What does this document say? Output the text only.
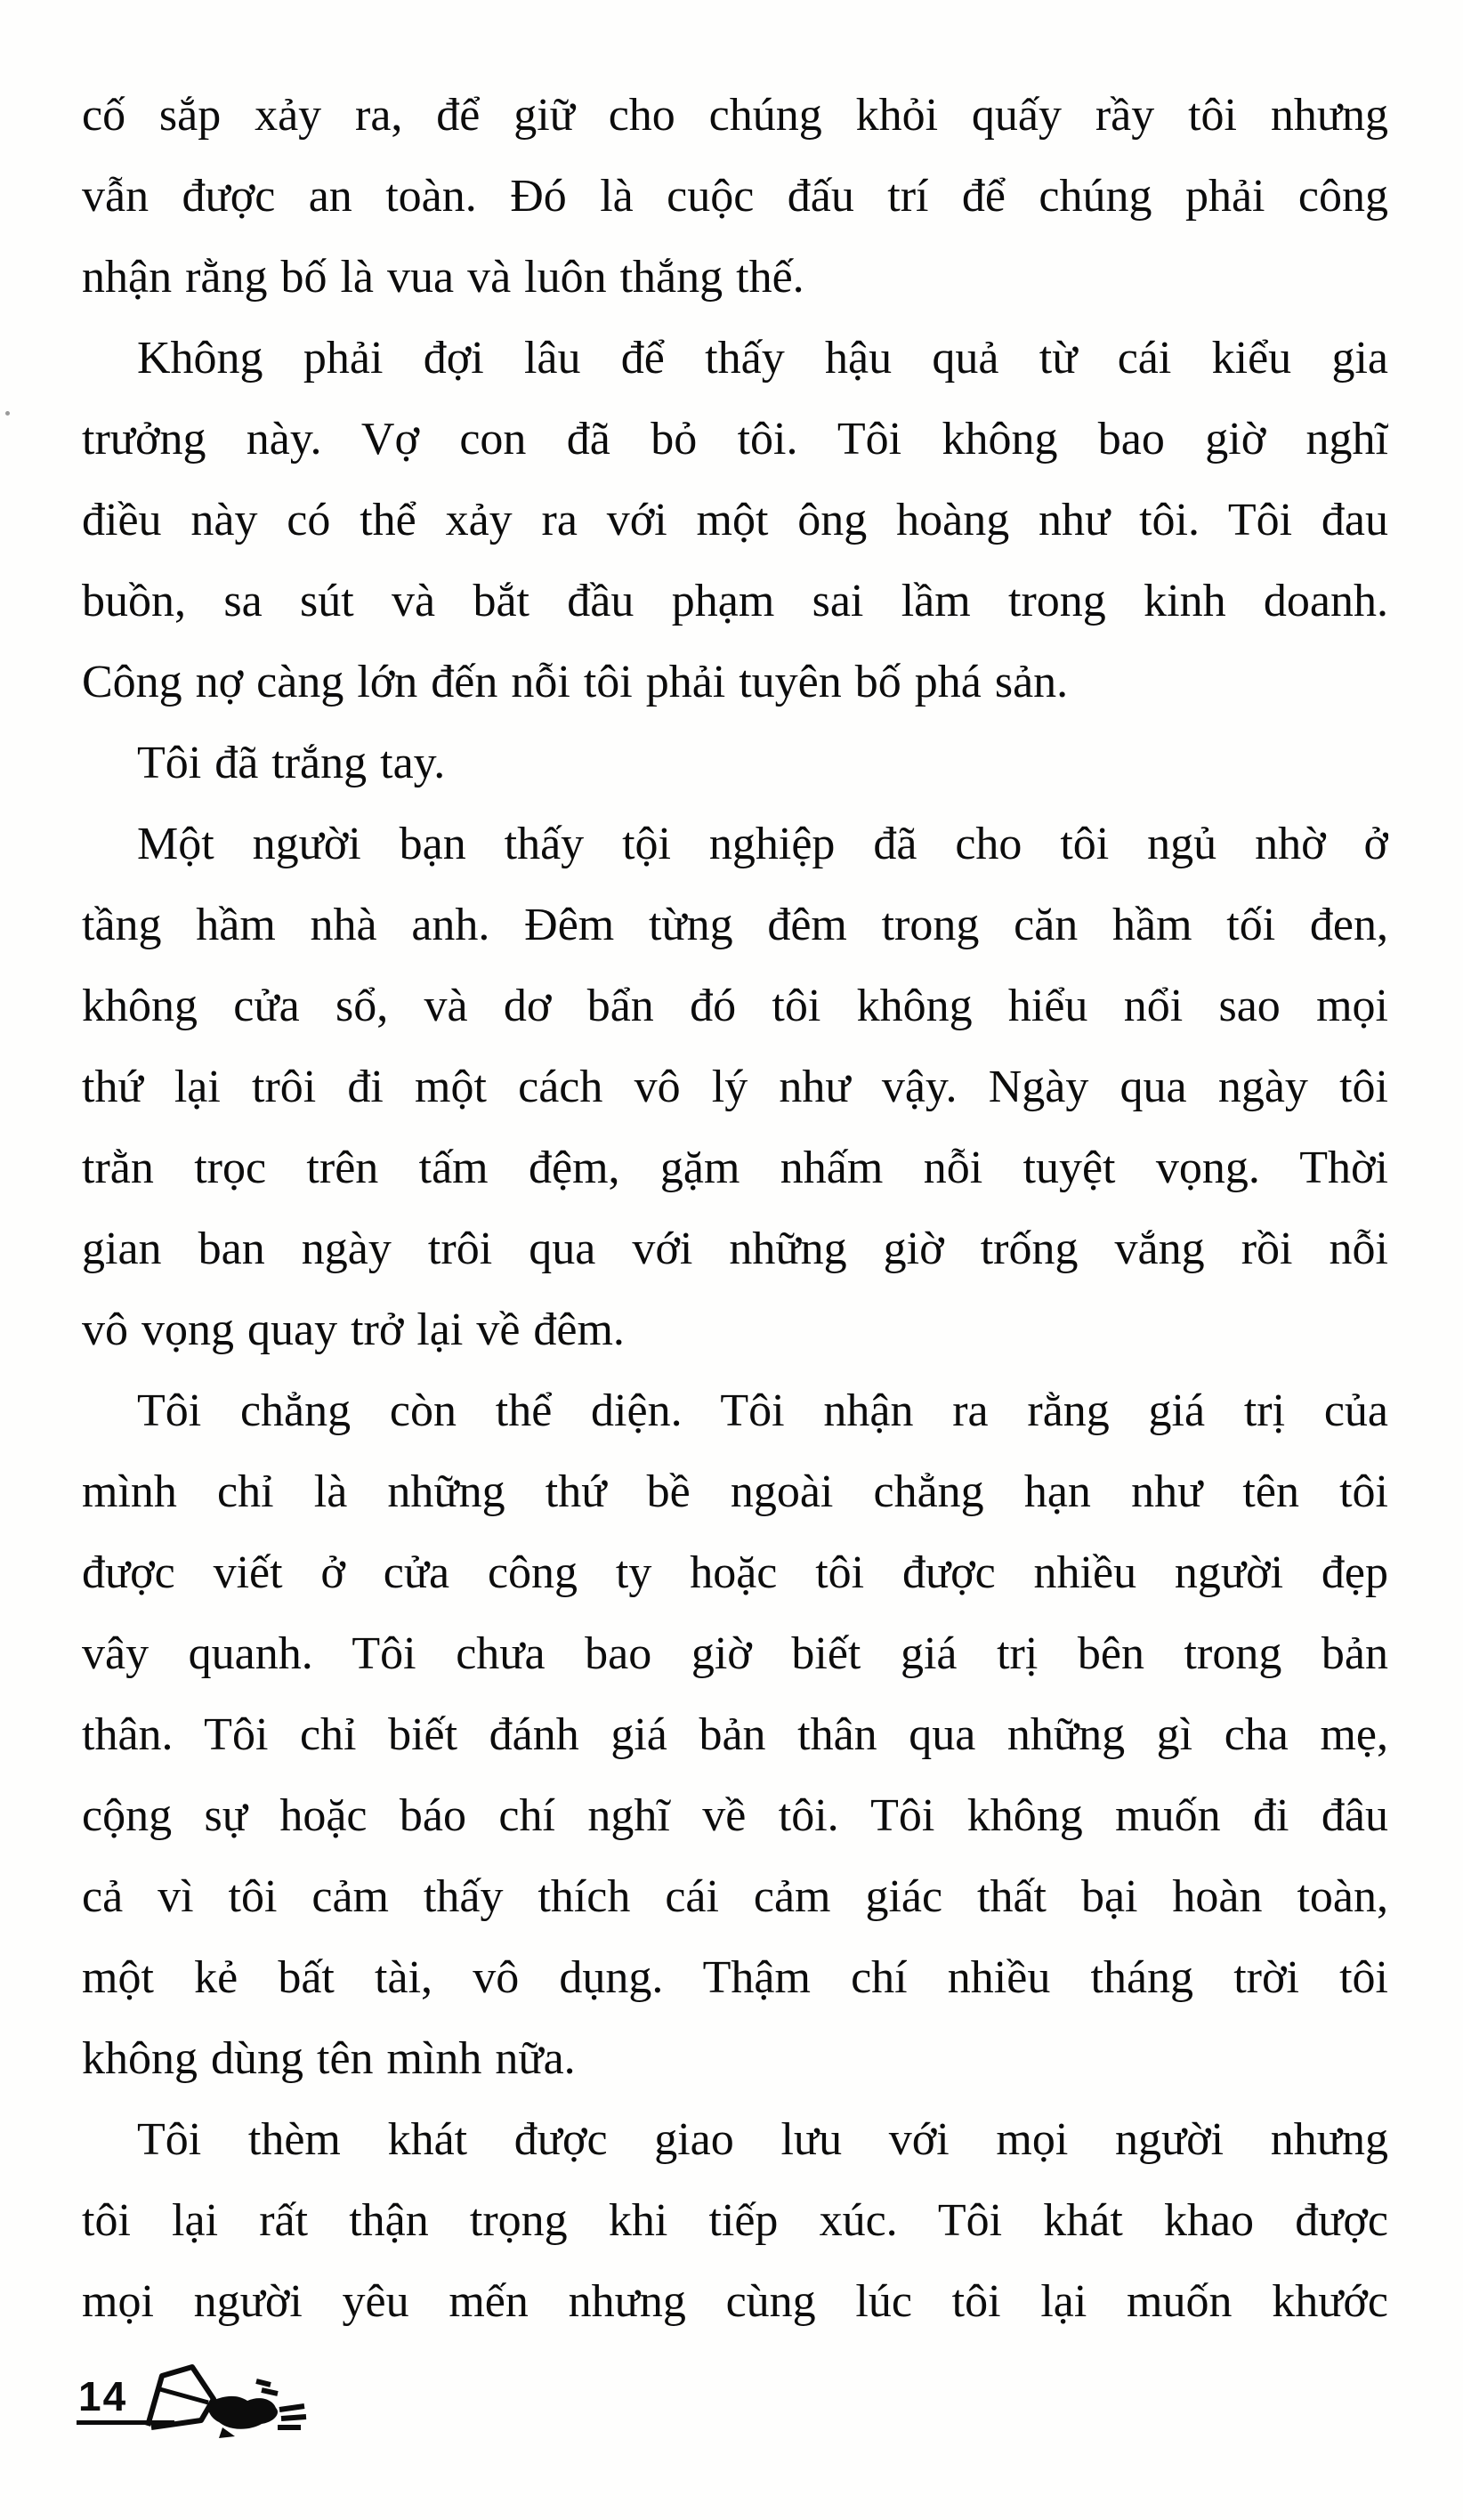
cố sắp xảy ra, để giữ cho chúng khỏi quấy rầy tôi nhưng
vẫn được an toàn. Đó là cuộc đấu trí để chúng phải công
nhận rằng bố là vua và luôn thắng thế.
Không phải đợi lâu để thấy hậu quả từ cái kiểu gia
trưởng này. Vợ con đã bỏ tôi. Tôi không bao giờ nghĩ
điều này có thể xảy ra với một ông hoàng như tôi. Tôi đau
buồn, sa sút và bắt đầu phạm sai lầm trong kinh doanh.
Công nợ càng lớn đến nỗi tôi phải tuyên bố phá sản.
Tôi đã trắng tay.
Một người bạn thấy tội nghiệp đã cho tôi ngủ nhờ ở
tầng hầm nhà anh. Đêm từng đêm trong căn hầm tối đen,
không cửa sổ, và dơ bẩn đó tôi không hiểu nổi sao mọi
thứ lại trôi đi một cách vô lý như vậy. Ngày qua ngày tôi
trằn trọc trên tấm đệm, gặm nhấm nỗi tuyệt vọng. Thời
gian ban ngày trôi qua với những giờ trống vắng rồi nỗi
vô vọng quay trở lại về đêm.
Tôi chẳng còn thể diện. Tôi nhận ra rằng giá trị của
mình chỉ là những thứ bề ngoài chẳng hạn như tên tôi
được viết ở cửa công ty hoặc tôi được nhiều người đẹp
vây quanh. Tôi chưa bao giờ biết giá trị bên trong bản
thân. Tôi chỉ biết đánh giá bản thân qua những gì cha mẹ,
cộng sự hoặc báo chí nghĩ về tôi. Tôi không muốn đi đâu
cả vì tôi cảm thấy thích cái cảm giác thất bại hoàn toàn,
một kẻ bất tài, vô dụng. Thậm chí nhiều tháng trời tôi
không dùng tên mình nữa.
Tôi thèm khát được giao lưu với mọi người nhưng
tôi lại rất thận trọng khi tiếp xúc. Tôi khát khao được
mọi người yêu mến nhưng cùng lúc tôi lại muốn khước
14
